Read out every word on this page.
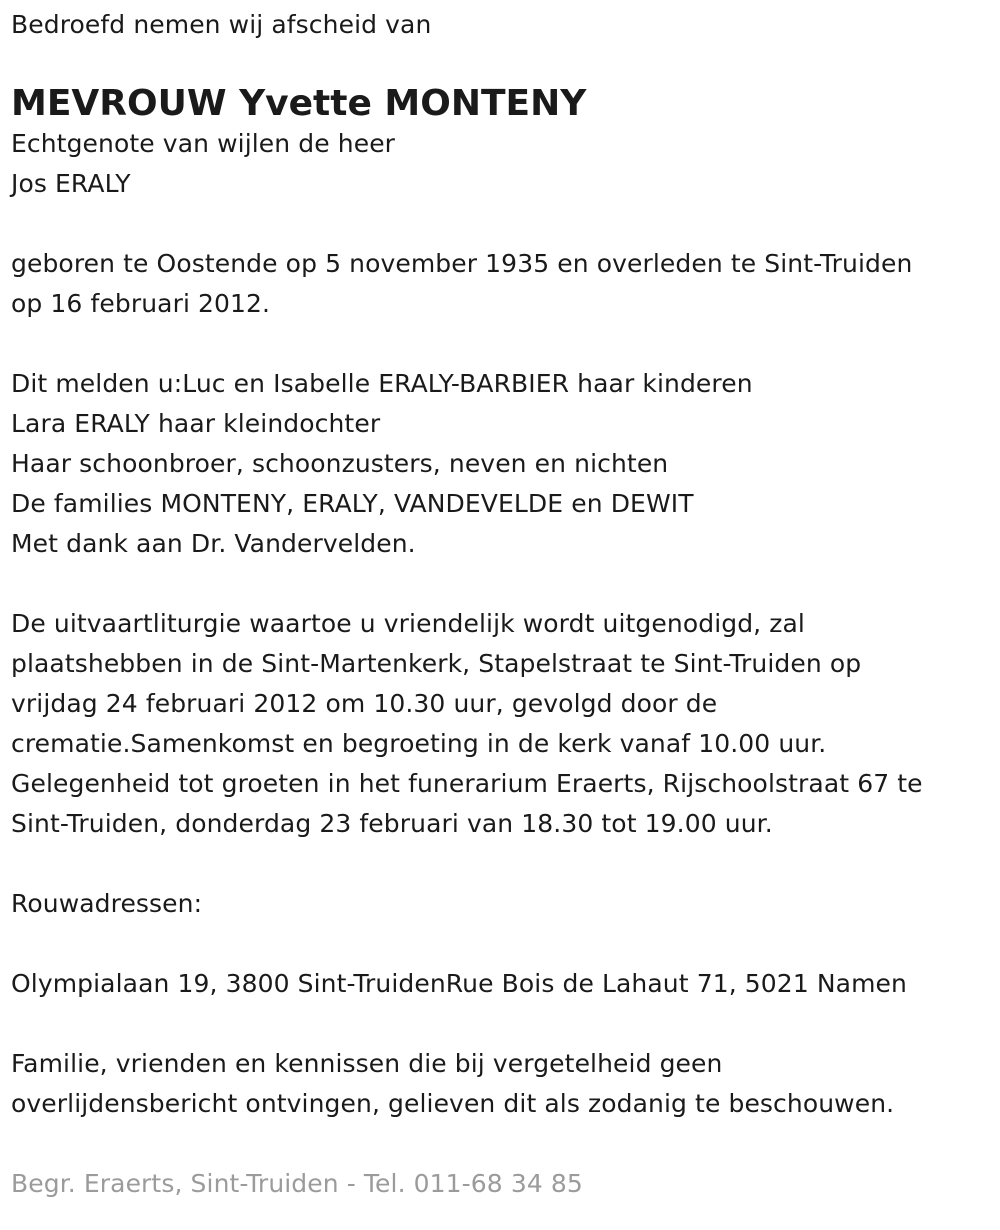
Bedroefd nemen wij afscheid van
MEVROUW Yvette MONTENY
Echtgenote van wijlen de heer
Jos ERALY
geboren te Oostende op 5 november 1935 en overleden te Sint-Truiden
op 16 februari 2012.
Dit melden u:Luc en Isabelle ERALY-BARBIER haar kinderen
Lara ERALY haar kleindochter
Haar schoonbroer, schoonzusters, neven en nichten
De families MONTENY, ERALY, VANDEVELDE en DEWIT
Met dank aan Dr. Vandervelden.
De uitvaartliturgie waartoe u vriendelijk wordt uitgenodigd, zal
plaatshebben in de Sint-Martenkerk, Stapelstraat te Sint-Truiden op
vrijdag 24 februari 2012 om 10.30 uur, gevolgd door de
crematie.Samenkomst en begroeting in de kerk vanaf 10.00 uur.
Gelegenheid tot groeten in het funerarium Eraerts, Rijschoolstraat 67 te
Sint-Truiden, donderdag 23 februari van 18.30 tot 19.00 uur.
Rouwadressen:
Olympialaan 19, 3800 Sint-TruidenRue Bois de Lahaut 71, 5021 Namen
Familie, vrienden en kennissen die bij vergetelheid geen
overlijdensbericht ontvingen, gelieven dit als zodanig te beschouwen.
Begr. Eraerts, Sint-Truiden - Tel. 011-68 34 85
